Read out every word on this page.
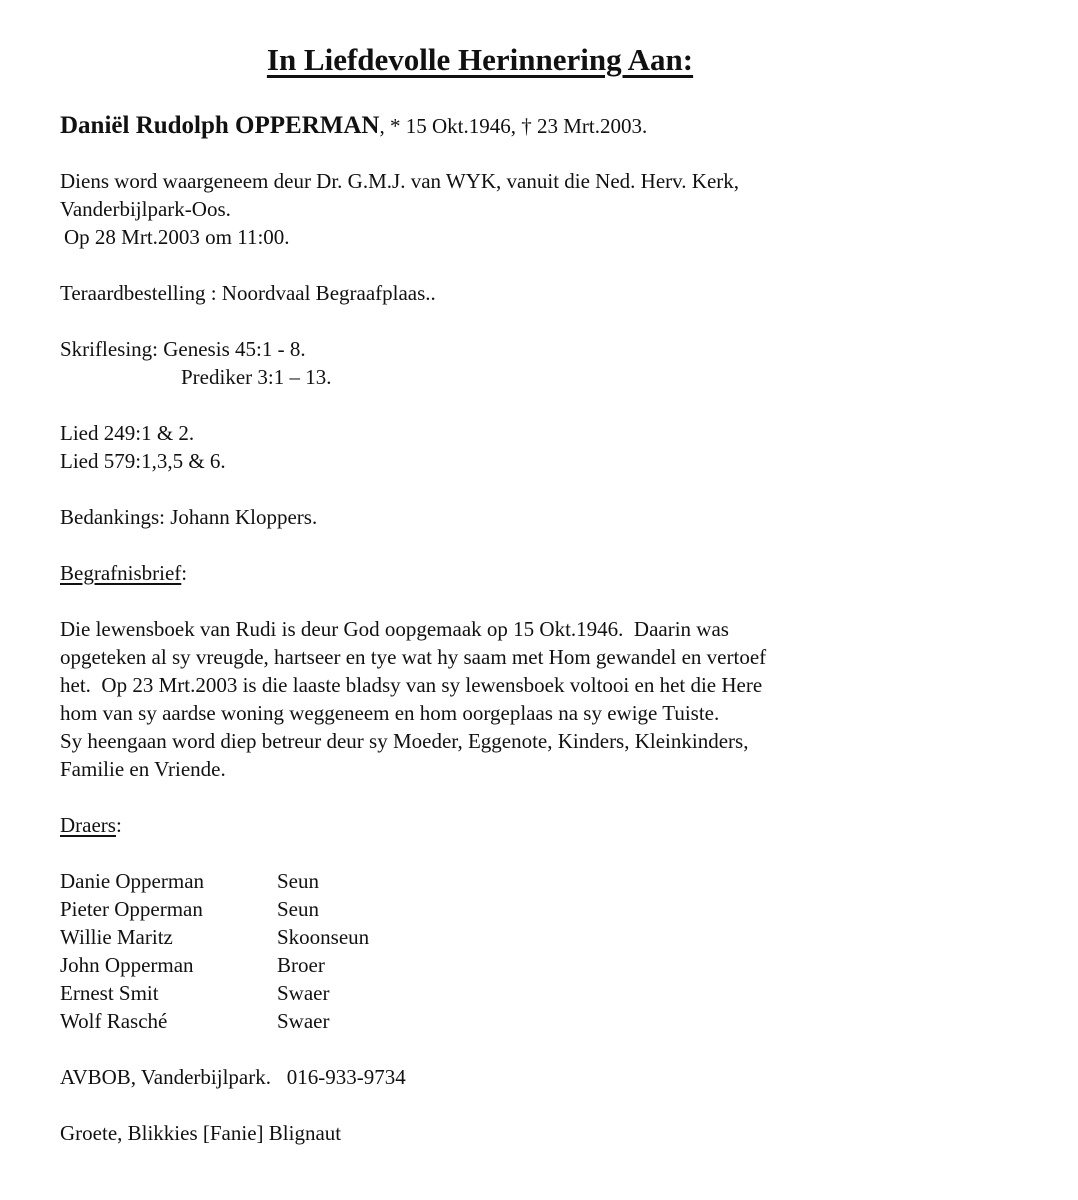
In Liefdevolle Herinnering Aan:
Daniël Rudolph OPPERMAN, * 15 Okt.1946, † 23 Mrt.2003.
Diens word waargeneem deur Dr. G.M.J. van WYK, vanuit die Ned. Herv. Kerk,
Vanderbijlpark-Oos.
Op 28 Mrt.2003 om 11:00.
Teraardbestelling : Noordvaal Begraafplaas..
Skriflesing: Genesis 45:1 - 8.
Prediker 3:1 – 13.
Lied 249:1 & 2.
Lied 579:1,3,5 & 6.
Bedankings: Johann Kloppers.
Begrafnisbrief:
Die lewensboek van Rudi is deur God oopgemaak op 15 Okt.1946.  Daarin was
opgeteken al sy vreugde, hartseer en tye wat hy saam met Hom gewandel en vertoef
het.  Op 23 Mrt.2003 is die laaste bladsy van sy lewensboek voltooi en het die Here
hom van sy aardse woning weggeneem en hom oorgeplaas na sy ewige Tuiste.
Sy heengaan word diep betreur deur sy Moeder, Eggenote, Kinders, Kleinkinders,
Familie en Vriende.
Draers:
Danie Opperman	Seun
Pieter Opperman	Seun
Willie Maritz	Skoonseun
John Opperman	Broer
Ernest Smit	Swaer
Wolf Rasché	Swaer
AVBOB, Vanderbijlpark.   016-933-9734
Groete, Blikkies [Fanie] Blignaut
